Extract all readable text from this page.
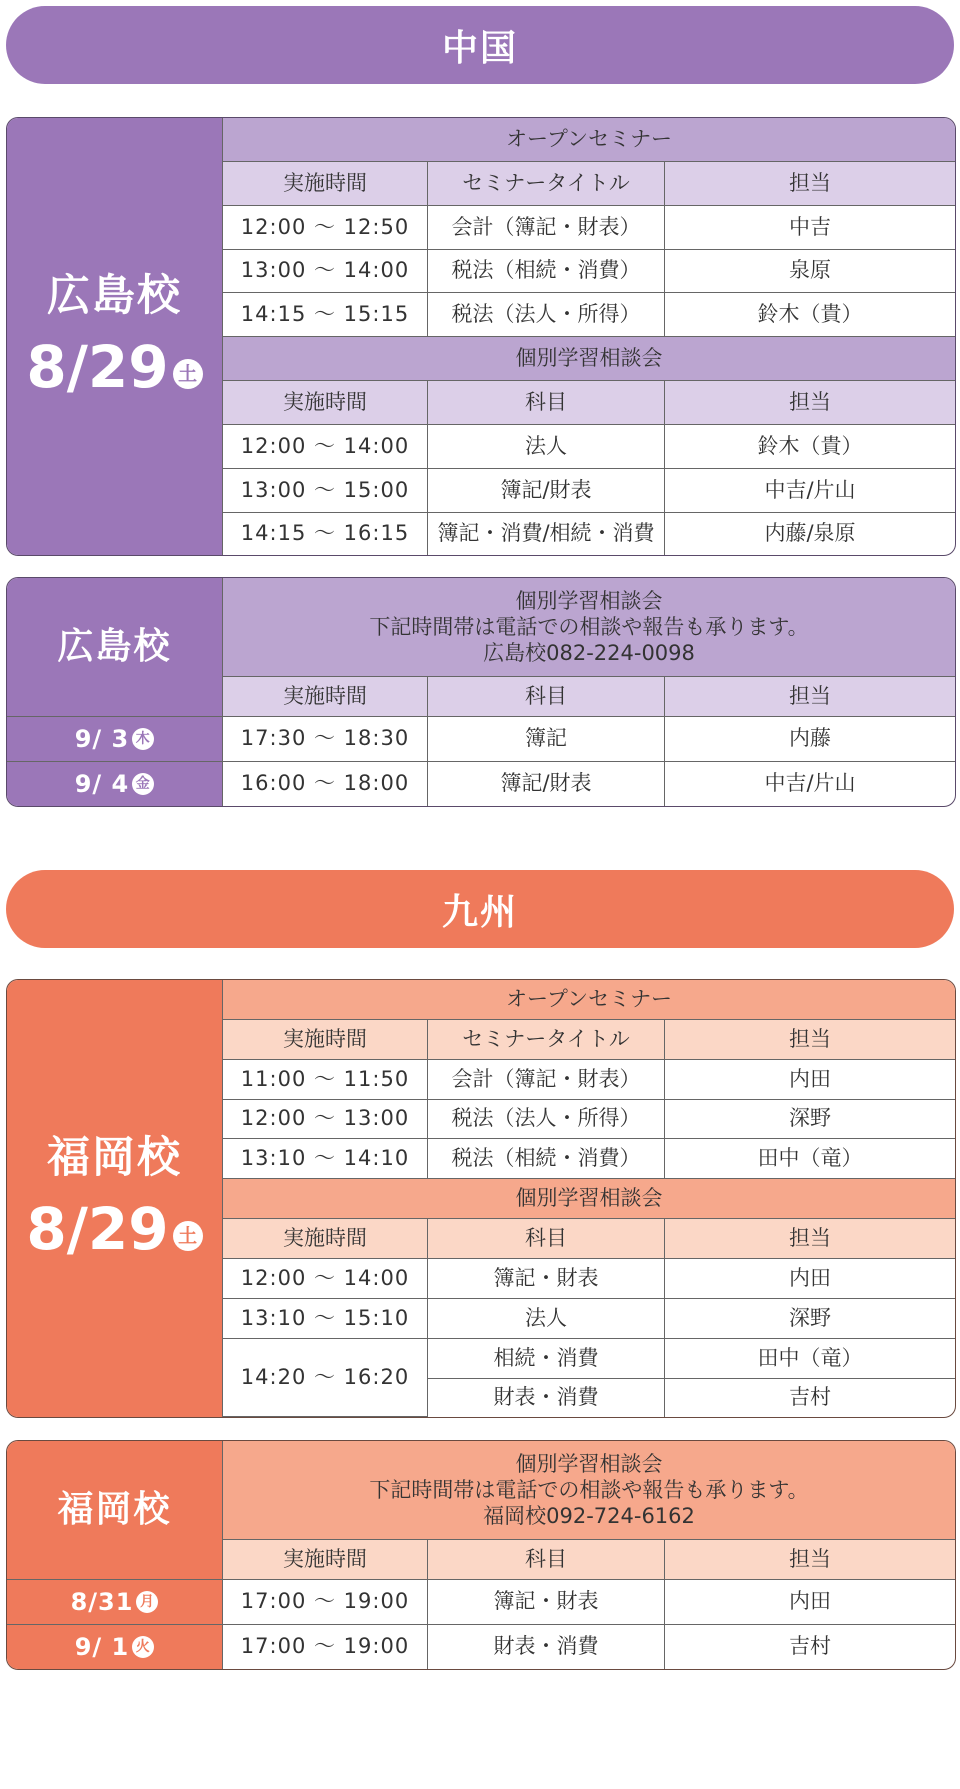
中国
広島校
8/29 土	オープンセミナー		
	実施時間	セミナータイトル	担当
	12:00 ～ 12:50	会計（簿記・財表）	中吉
	13:00 ～ 14:00	税法（相続・消費）	泉原
	14:15 ～ 15:15	税法（法人・所得）	鈴木（貴）
	個別学習相談会		
	実施時間	科目	担当
	12:00 ～ 14:00	法人	鈴木（貴）
	13:00 ～ 15:00	簿記/財表	中吉/片山
	14:15 ～ 16:15	簿記・消費/相続・消費	内藤/泉原
広島校	個別学習相談会
下記時間帯は電話での相談や報告も承ります。
広島校082-224-0098		

	実施時間	科目	担当

9/ 3 木	17:30 ～ 18:30	簿記	内藤

9/ 4 金	16:00 ～ 18:00	簿記/財表	中吉/片山
九州
福岡校
8/29 土	オープンセミナー		
	実施時間	セミナータイトル	担当
	11:00 ～ 11:50	会計（簿記・財表）	内田
	12:00 ～ 13:00	税法（法人・所得）	深野
	13:10 ～ 14:10	税法（相続・消費）	田中（竜）
	個別学習相談会		
	実施時間	科目	担当
	12:00 ～ 14:00	簿記・財表	内田
	13:10 ～ 15:10	法人	深野
	14:20 ～ 16:20	相続・消費	田中（竜）
		財表・消費	吉村
福岡校	個別学習相談会
下記時間帯は電話での相談や報告も承ります。
福岡校092-724-6162		

	実施時間	科目	担当

8/31 月	17:00 ～ 19:00	簿記・財表	内田

9/ 1 火	17:00 ～ 19:00	財表・消費	吉村
